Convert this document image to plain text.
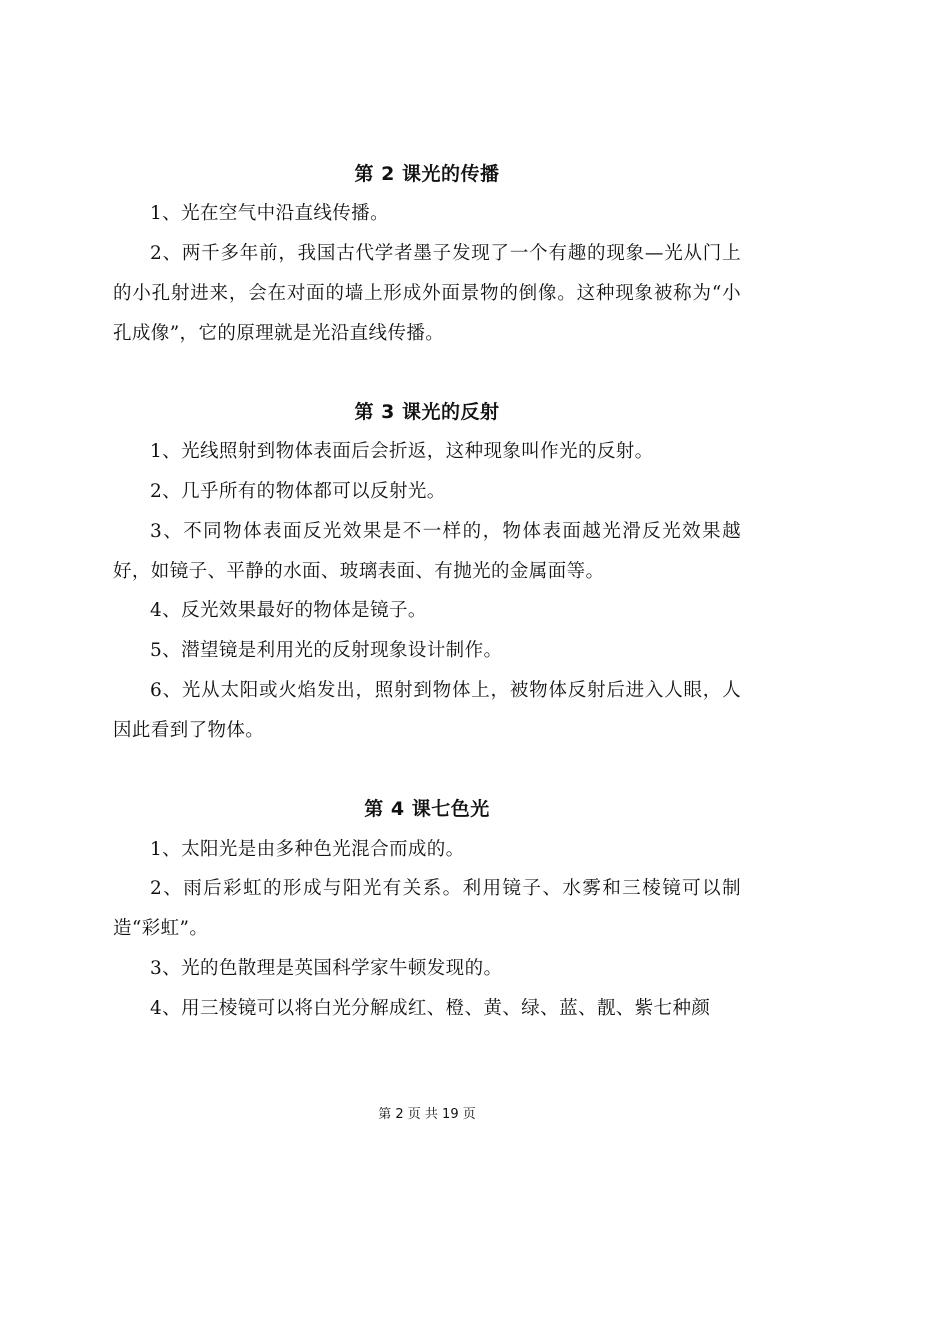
第 2 课光的传播
1、光在空气中沿直线传播。
2、两千多年前，我国古代学者墨子发现了一个有趣的现象—光从门上的小孔射进来，会在对面的墙上形成外面景物的倒像。这种现象被称为“小孔成像”，它的原理就是光沿直线传播。
第 3 课光的反射
1、光线照射到物体表面后会折返，这种现象叫作光的反射。
2、几乎所有的物体都可以反射光。
3、不同物体表面反光效果是不一样的，物体表面越光滑反光效果越好，如镜子、平静的水面、玻璃表面、有抛光的金属面等。
4、反光效果最好的物体是镜子。
5、潜望镜是利用光的反射现象设计制作。
6、光从太阳或火焰发出，照射到物体上，被物体反射后进入人眼，人因此看到了物体。
第 4 课七色光
1、太阳光是由多种色光混合而成的。
2、雨后彩虹的形成与阳光有关系。利用镜子、水雾和三棱镜可以制造“彩虹”。
3、光的色散理是英国科学家牛顿发现的。
4、用三棱镜可以将白光分解成红、橙、黄、绿、蓝、靓、紫七种颜
第 2 页 共 19 页
